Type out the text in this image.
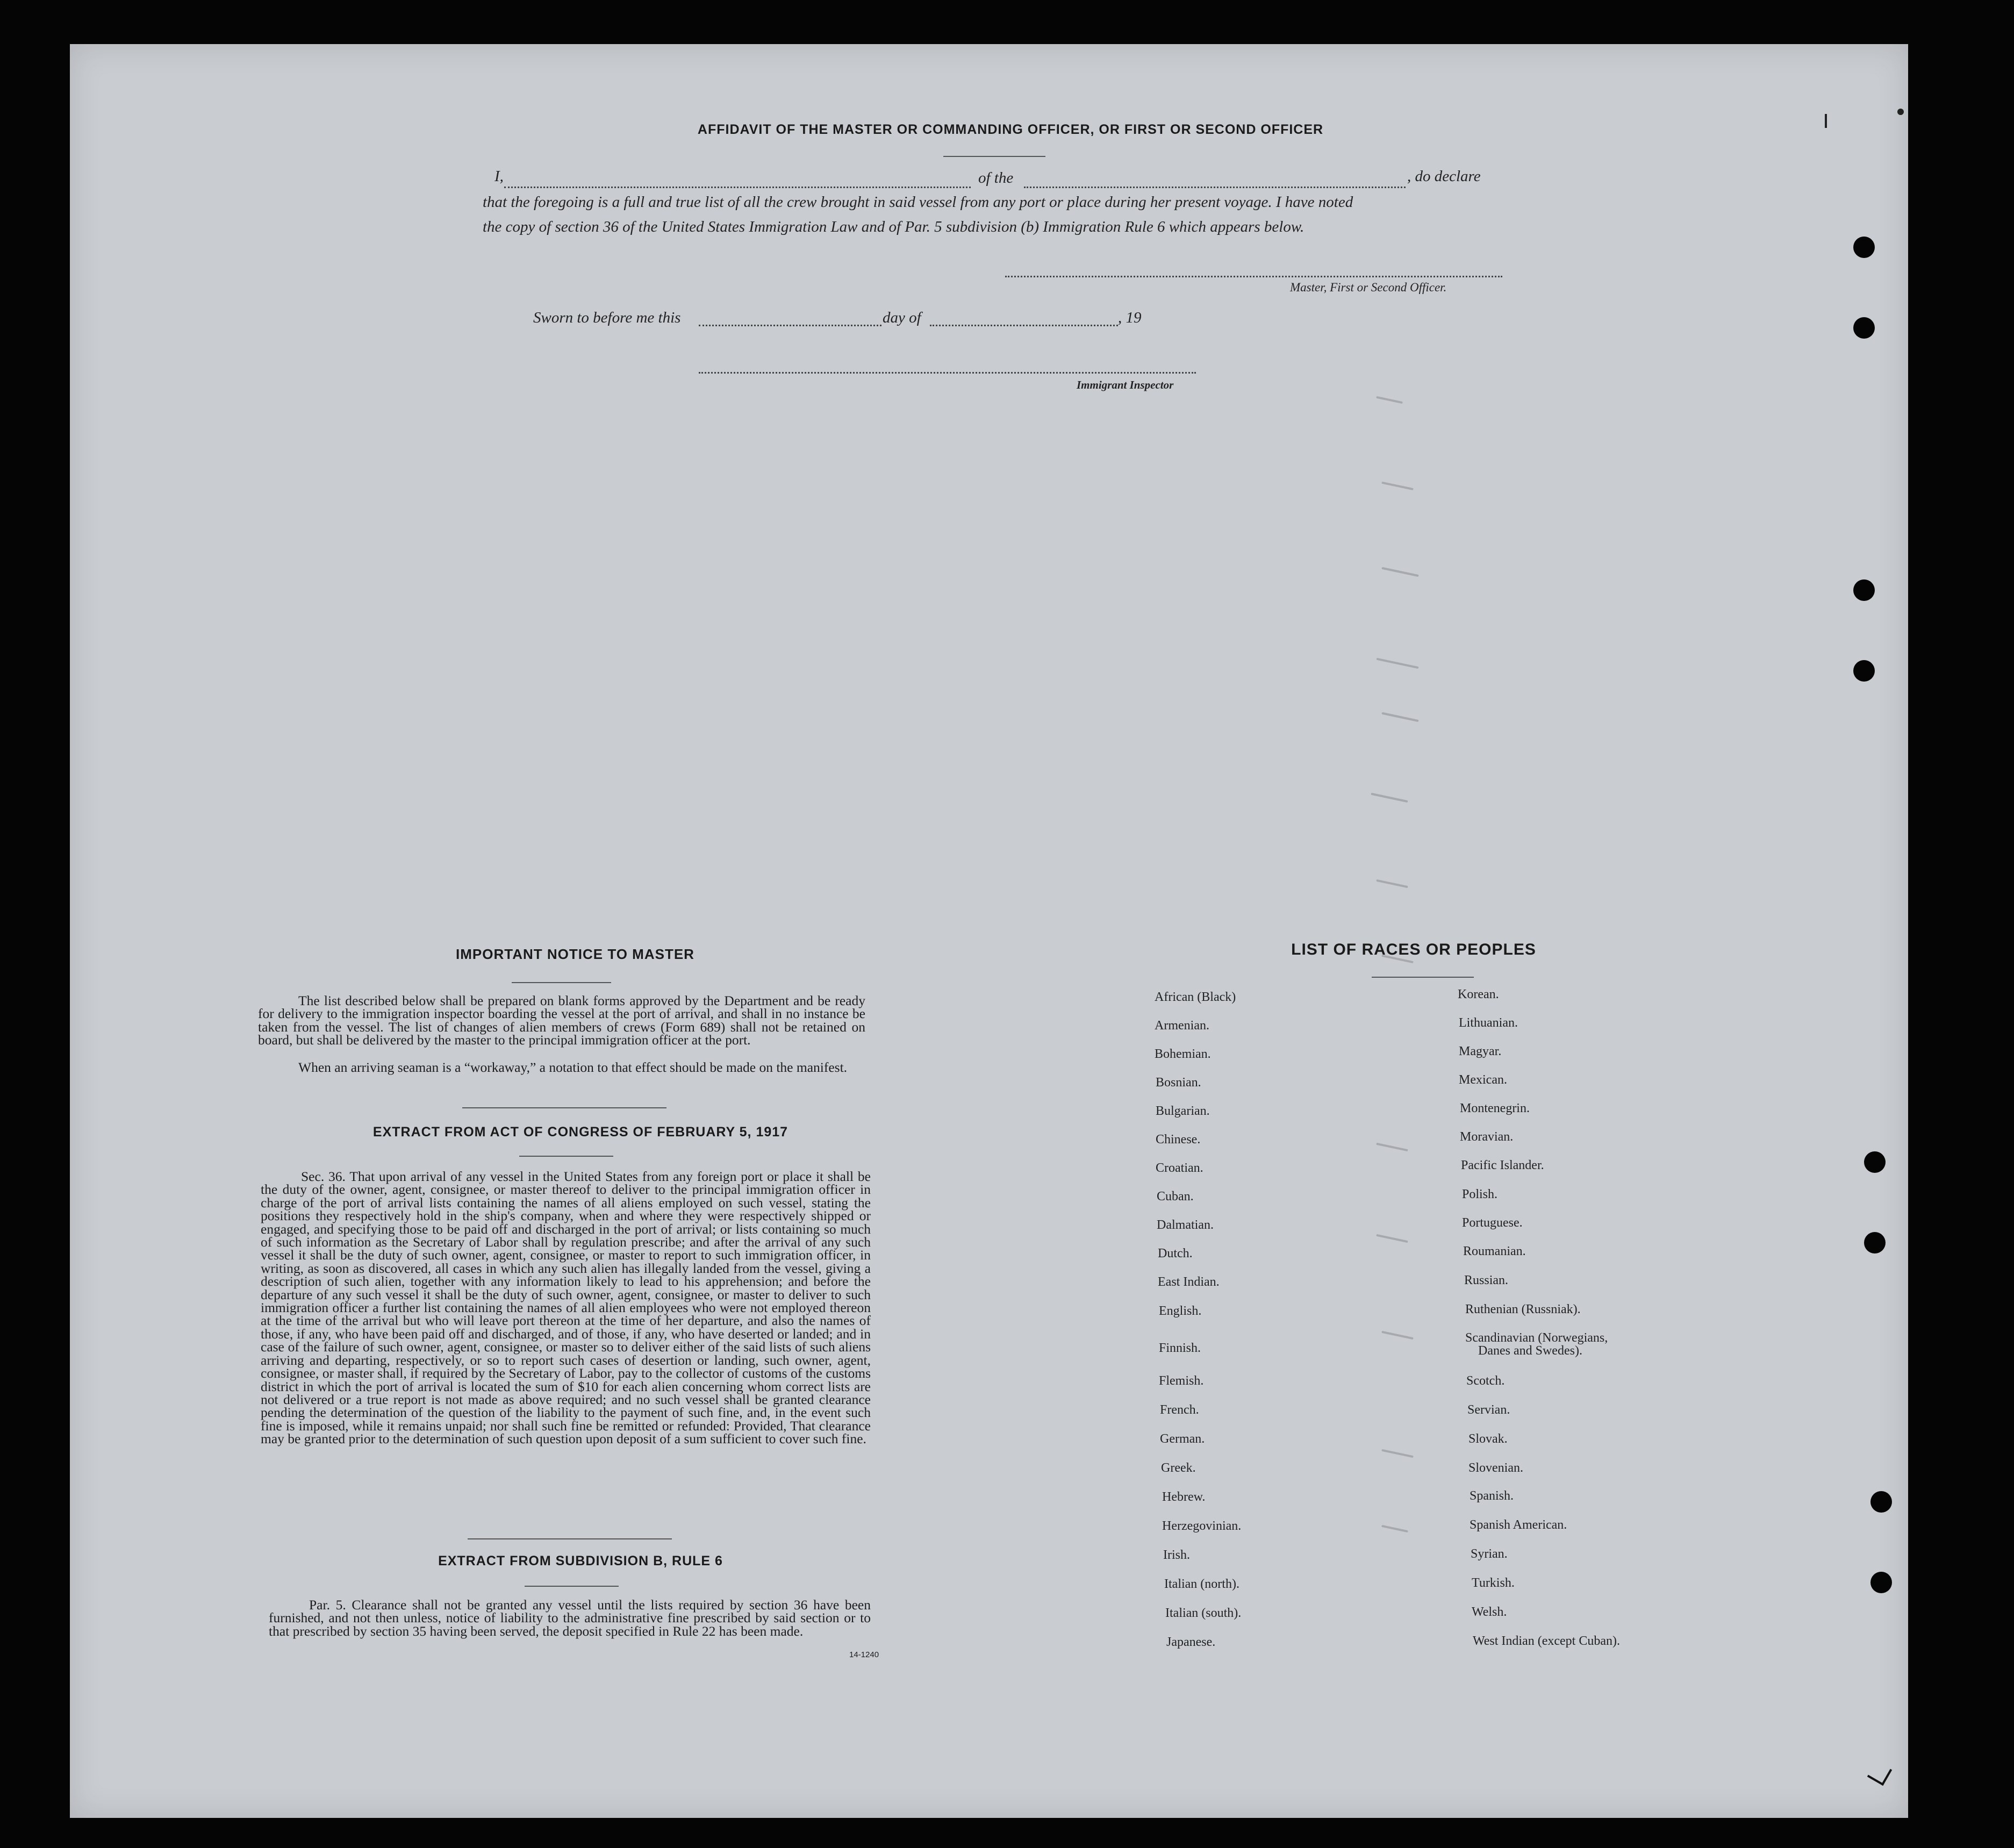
AFFIDAVIT OF THE MASTER OR COMMANDING OFFICER, OR FIRST OR SECOND OFFICER
I,	of the	, do declare
that the foregoing is a full and true list of all the crew brought in said vessel from any port or place during her present voyage. I have noted
the copy of section 36 of the United States Immigration Law and of Par. 5 subdivision (b) Immigration Rule 6 which appears below.
Master, First or Second Officer.
Sworn to before me this	day of	, 19
Immigrant Inspector
IMPORTANT NOTICE TO MASTER
The list described below shall be prepared on blank forms approved by the Department and be ready for delivery to the immigration inspector boarding the vessel at the port of arrival, and shall in no instance be taken from the vessel. The list of changes of alien members of crews (Form 689) shall not be retained on board, but shall be delivered by the master to the principal immigration officer at the port.
When an arriving seaman is a “workaway,” a notation to that effect should be made on the manifest.
EXTRACT FROM ACT OF CONGRESS OF FEBRUARY 5, 1917
Sec. 36. That upon arrival of any vessel in the United States from any foreign port or place it shall be the duty of the owner, agent, consignee, or master thereof to deliver to the principal immigration officer in charge of the port of arrival lists containing the names of all aliens employed on such vessel, stating the positions they respectively hold in the ship's company, when and where they were respectively shipped or engaged, and specifying those to be paid off and discharged in the port of arrival; or lists containing so much of such information as the Secretary of Labor shall by regulation prescribe; and after the arrival of any such vessel it shall be the duty of such owner, agent, consignee, or master to report to such immigration officer, in writing, as soon as discovered, all cases in which any such alien has illegally landed from the vessel, giving a description of such alien, together with any information likely to lead to his apprehension; and before the departure of any such vessel it shall be the duty of such owner, agent, consignee, or master to deliver to such immigration officer a further list containing the names of all alien employees who were not employed thereon at the time of the arrival but who will leave port thereon at the time of her departure, and also the names of those, if any, who have been paid off and discharged, and of those, if any, who have deserted or landed; and in case of the failure of such owner, agent, consignee, or master so to deliver either of the said lists of such aliens arriving and departing, respectively, or so to report such cases of desertion or landing, such owner, agent, consignee, or master shall, if required by the Secretary of Labor, pay to the collector of customs of the customs district in which the port of arrival is located the sum of $10 for each alien concerning whom correct lists are not delivered or a true report is not made as above required; and no such vessel shall be granted clearance pending the determination of the question of the liability to the payment of such fine, and, in the event such fine is imposed, while it remains unpaid; nor shall such fine be remitted or refunded: Provided, That clearance may be granted prior to the determination of such question upon deposit of a sum sufficient to cover such fine.
EXTRACT FROM SUBDIVISION B, RULE 6
Par. 5. Clearance shall not be granted any vessel until the lists required by section 36 have been furnished, and not then unless, notice of liability to the administrative fine prescribed by said section or to that prescribed by section 35 having been served, the deposit specified in Rule 22 has been made.
14-1240
LIST OF RACES OR PEOPLES
African (Black)
Armenian.
Bohemian.
Bosnian.
Bulgarian.
Chinese.
Croatian.
Cuban.
Dalmatian.
Dutch.
East Indian.
English.
Finnish.
Flemish.
French.
German.
Greek.
Hebrew.
Herzegovinian.
Irish.
Italian (north).
Italian (south).
Japanese.
Korean.
Lithuanian.
Magyar.
Mexican.
Montenegrin.
Moravian.
Pacific Islander.
Polish.
Portuguese.
Roumanian.
Russian.
Ruthenian (Russniak).
Scandinavian (Norwegians,
Danes and Swedes).
Scotch.
Servian.
Slovak.
Slovenian.
Spanish.
Spanish American.
Syrian.
Turkish.
Welsh.
West Indian (except Cuban).
